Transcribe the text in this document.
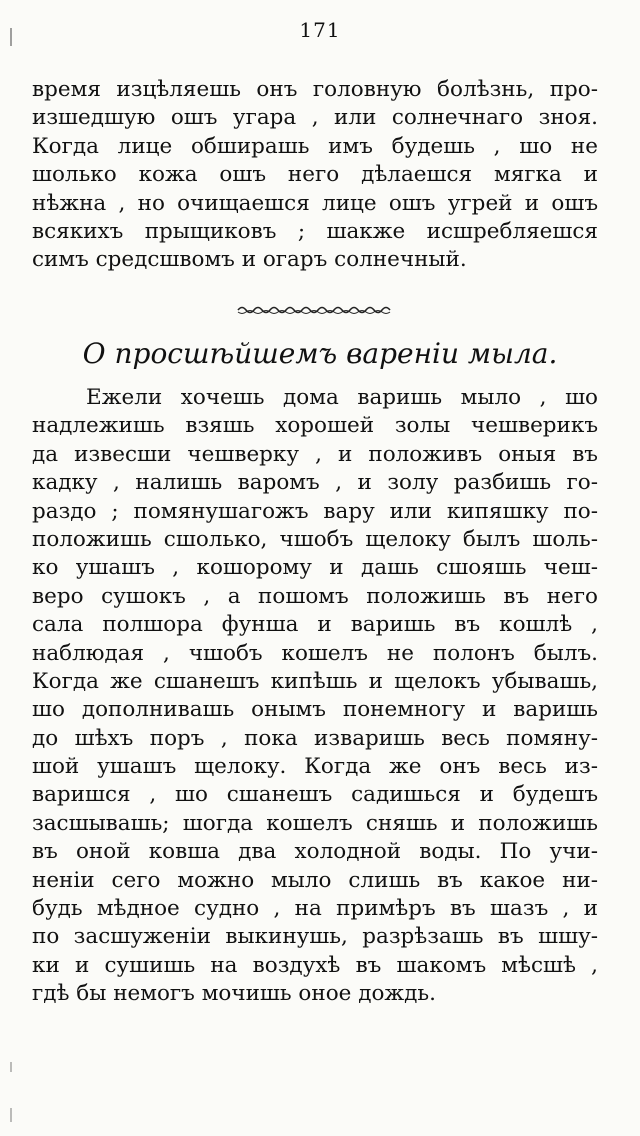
171
время изцѣляешь онъ головную болѣзнь, про-
изшедшую ошъ угара , или солнечнаго зноя.
Когда лице обширашь имъ будешь , шо не
шолько кожа ошъ него дѣлаешся мягка и
нѣжна , но очищаешся лице ошъ угрей и ошъ
всякихъ прыщиковъ ; шакже исшребляешся
симъ средсшвомъ и огаръ солнечный.
О просшѣйшемъ вареніи мыла.
Ежели хочешь дома варишь мыло , шо
надлежишь взяшь хорошей золы чешверикъ
да извесши чешверку , и положивъ оныя въ
кадку , налишь варомъ , и золу разбишь го-
раздо ; помянушагожъ вару или кипяшку по-
положишь сшолько, чшобъ щелоку былъ шоль-
ко ушашъ , кошорому и дашь сшояшь чеш-
веро сушокъ , а пошомъ положишь въ него
сала полшора фунша и варишь въ кошлѣ ,
наблюдая , чшобъ кошелъ не полонъ былъ.
Когда же сшанешъ кипѣшь и щелокъ убывашь,
шо дополнивашь онымъ понемногу и варишь
до шѣхъ поръ , пока изваришь весь помяну-
шой ушашъ щелоку. Когда же онъ весь из-
варишся , шо сшанешъ садишься и будешъ
засшывашь; шогда кошелъ сняшь и положишь
въ оной ковша два холодной воды. По учи-
неніи сего можно мыло слишь въ какое ни-
будь мѣдное судно , на примѣръ въ шазъ , и
по засшуженіи выкинушь, разрѣзашь въ шшу-
ки и сушишь на воздухѣ въ шакомъ мѣсшѣ ,
гдѣ бы немогъ мочишь оное дождь.
